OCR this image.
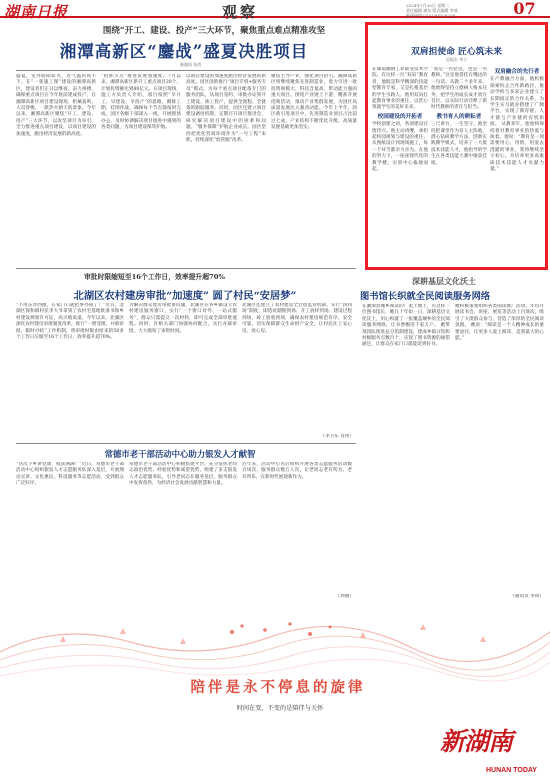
湖南日报	观察	2024年7月30日 星期二
责任编辑 谢东 版式编辑 李欣
新闻热线 0731-84326258	07
围绕“开工、建设、投产”三大环节，聚焦重点难点精准攻坚
湘潭高新区“鏖战”盛夏决胜项目
新湖南 张尚
盛夏，室外骄阳似火，近气温居高不下。在“一张施工图”建设的湘潭高新区，建设者们正日以继夜、奋力拼搏，确保重点项目在今年底前建成投产。在湘潭高新区项目建设现场，机械轰鸣、人员穿梭，一派热火朝天的景象。今年以来，湘潭高新区聚焦“开工、建设、投产”三大环节，以攻坚项目为牵引，全力推进重点项目建设，以项目建设的加速度，跑出经济发展的新高度。
“抢抓节点”推进发展加速度。7月以来，湘潭高新区新开工重点项目20个，计划投资额达到80亿元。在项目现场，施工方负责人介绍，项目按照“早开工、早建设、早投产”的思路，倒排工期，挂图作战，确保每个节点都按时完成。园区各级干部深入一线，开展现场办公，及时协调解决项目推进中遇到的各类问题，为项目建设保驾护航。
以项目建设的加速度跑出经济发展的新高度。园区创新推行“项目专班+服务专员”模式，为每个重点项目配备专门的服务团队，从项目签约、审批办证到开工建设、竣工投产，提供全流程、全链条的跟踪服务。同时，园区还建立项目建设调度机制，定期召开项目推进会，研究解决项目建设中的困难和问题。“服务保障”护航企业成长。园区坚持把优化营商环境作为“一号工程”来抓，持续深化“放管服”改革。
聚焦主导产业，强化项目招引。湘潭高新区将继续聚焦先进制造业，着力引进一批投资规模大、科技含量高、带动能力强的重大项目。围绕产业链上下游，精准开展招商活动，推动产业集群发展，为园区高质量发展注入强劲动能。今年上半年，园区新引进项目中，先进制造业项目占比超过七成，产业结构不断优化升级，高质量发展基础更加坚实。
双肩担使命 匠心筑未来
吴振东 李立
在湖南湘钢工业职业技术学院，有这样一位“双肩”教育者，他既是科学精深的技能型教育专家，又是扎根基层的学生引路人。他用双肩扛起教育事业的重任，以匠心筑就学生的美好未来。
校园建设的开拓者
学校创建之初，各项建设百废待兴。他主动请缨，承担起校园规划与建设的重任，从图纸设计到现场施工，每一个环节都亲力亲为。在他的努力下，一座座现代化的教学楼、实训中心拔地而起。
“我是一名党员，也是一名教师。”这是他常挂在嘴边的一句话。从教二十多年来，他始终坚持立德树人根本任务，把学生的成长成才放在首位，以实际行动诠释了新时代教师的责任与担当。
教书育人的耕耘者
三尺讲台，一生坚守。他坚持把课堂作为育人主阵地，潜心钻研教学方法，创新实践教学模式，培养了一大批技术技能人才，他指导的学生在各类技能大赛中屡获佳绩。
双肩融合的先行者
在产教融合方面，他积极探索校企合作新路径，推动学校与多家企业建立了长期稳定的合作关系，为学生实习就业搭建了广阔平台，实现了教育链、人才链与产业链的有机衔接。 从教多年，他始终保持着对教育事业的热爱与执着。他说：“教育是一项需要用心、用情、用爱去浇灌的事业，我将继续坚守初心，为培养更多高素质技术技能人才贡献力量。”
审批时限缩短至16个工作日，效率提升超70%
北湖区农村建房审批“加速度” 圆了村民“安居梦”
“不用东奔西跑，在家门口就把事办成了！”近日，北湖区保和镇村民李大爷拿到了农村宅基地批准书和乡村建设规划许可证，高兴地说道。今年以来，北湖区深化农村建房审批制度改革，推行“一窗受理、并联审批、限时办结”工作机制，将审批时限由原来的50多个工作日压缩至16个工作日，效率提升超70%。
为解决群众建房审批难问题，北湖区在各乡镇设立农村建房服务窗口，实行“一个窗口对外、一站式服务”，群众只需提交一次材料，即可完成全部审批流程。同时，区相关部门加强协同配合，实行并联审批，大大缩短了审批时间。
北湖区还建立了农村建房全过程监管机制，实行“四到场”制度，即选址踏勘到场、开工放样到场、建设过程到场、竣工验收到场，确保农村建房规范有序、安全可靠，切实保障群众生命财产安全，让村民住上安心房、放心房。
（李卫东 肖扬）
常德市老干部活动中心助力银发人才献智
“这次下乡讲党课，收获满满！”近日，常德市老干部活动中心组织银发人才志愿服务队深入基层，开展理论宣讲、文化惠民、科技服务等志愿活动，受到群众广泛好评。
常德市老干部活动中心积极搭建平台，充分发挥老同志政治优势、经验优势和威望优势，组建了多支银发人才志愿服务队，引导老同志在服务基层、服务群众中发挥余热，为经济社会发展贡献智慧和力量。
近年来，活动中心先后组织开展各类志愿服务活动数百场次，服务群众数万人次，让老同志老有所为、老有所乐，在新时代展现新作为。
（周丽）
深耕基层文化沃土
图书馆长织就全民阅读服务网络
在湘潭县城乡阅读的广袤土地上，有这样一位图书馆长，她几十年如一日，深耕基层文化沃土，用心织就了一张覆盖城乡的全民阅读服务网络，让书香飘进千家万户。 她带领团队推进总分馆制建设，建成乡镇分馆和村级服务点数百个，实现了图书资源的通借通还，让群众在家门口就能读到好书。
她积极策划组织各类阅读推广活动，年均开展读书会、讲座、展览等活动上百场次，吸引了大批群众参与，营造了浓厚的全民阅读氛围。 她说：“阅读是一个人精神成长的重要途径，让更多人爱上阅读，是我最大的心愿。”
（通讯员 李鸿）
陪伴是永不停息的旋律
时间在变，不变的是陪伴与关怀
新湖南
HUNAN TODAY
